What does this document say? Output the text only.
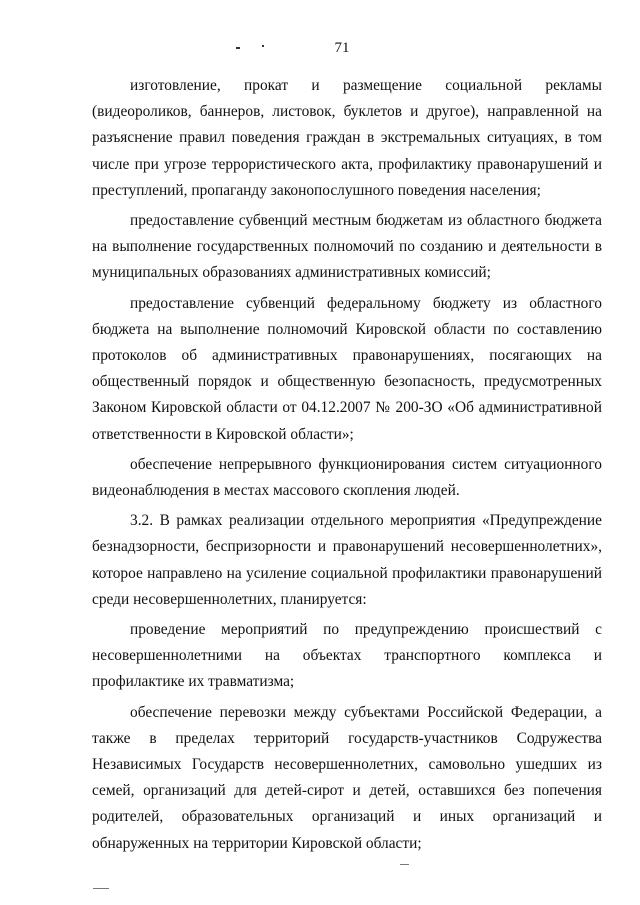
71

изготовление, прокат и размещение социальной рекламы (видеороликов, баннеров, листовок, буклетов и другое), направленной на разъяснение правил поведения граждан в экстремальных ситуациях, в том числе при угрозе террористического акта, профилактику правонарушений и преступлений, пропаганду законопослушного поведения населения;

предоставление субвенций местным бюджетам из областного бюджета на выполнение государственных полномочий по созданию и деятельности в муниципальных образованиях административных комиссий;

предоставление субвенций федеральному бюджету из областного бюджета на выполнение полномочий Кировской области по составлению протоколов об административных правонарушениях, посягающих на общественный порядок и общественную безопасность, предусмотренных Законом Кировской области от 04.12.2007 № 200-ЗО «Об административной ответственности в Кировской области»;

обеспечение непрерывного функционирования систем ситуационного видеонаблюдения в местах массового скопления людей.

3.2. В рамках реализации отдельного мероприятия «Предупреждение безнадзорности, беспризорности и правонарушений несовершеннолетних», которое направлено на усиление социальной профилактики правонарушений среди несовершеннолетних, планируется:

проведение мероприятий по предупреждению происшествий с несовершеннолетними на объектах транспортного комплекса и профилактике их травматизма;

обеспечение перевозки между субъектами Российской Федерации, а также в пределах территорий государств-участников Содружества Независимых Государств несовершеннолетних, самовольно ушедших из семей, организаций для детей-сирот и детей, оставшихся без попечения родителей, образовательных организаций и иных организаций и обнаруженных на территории Кировской области;
